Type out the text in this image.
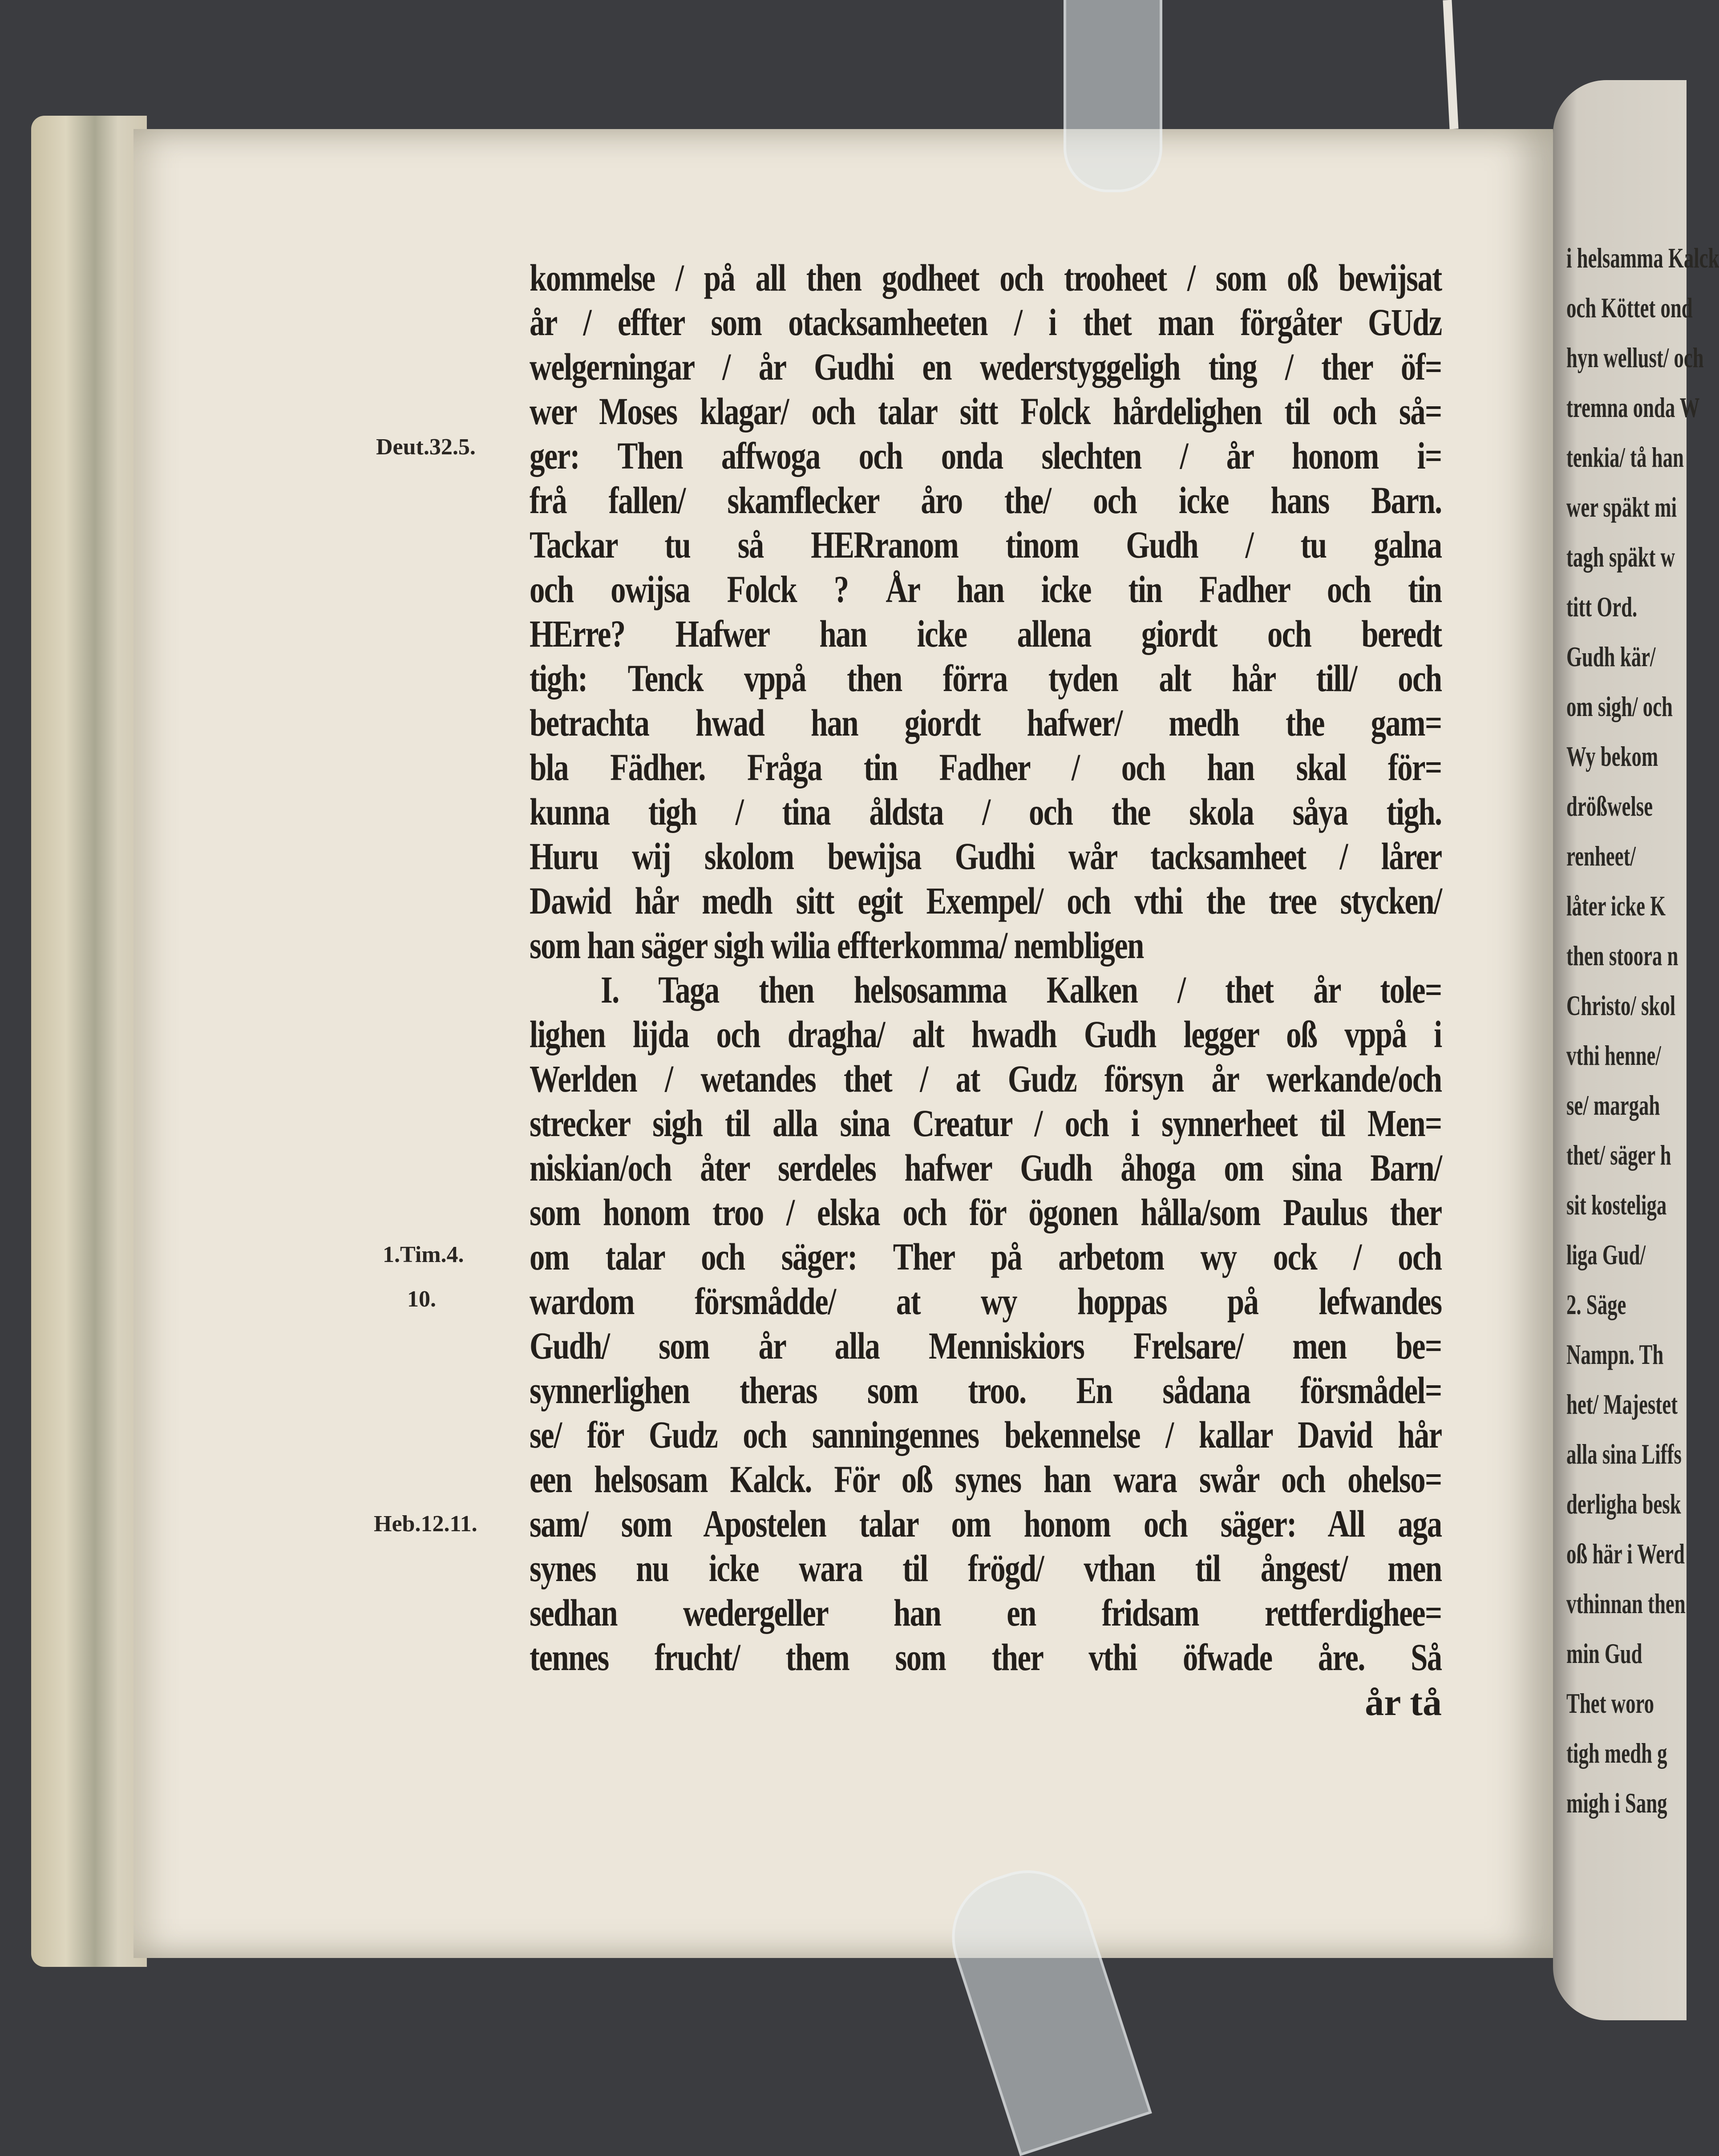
i helsamma Kalck
och Köttet ond
hyn wellust/ och
tremna onda W
tenkia/ tå han
wer späkt mi
tagh späkt w
titt Ord.
Gudh kär/
om sigh/ och
Wy bekom
drößwelse
renheet/
låter icke K
then stoora n
Christo/ skol
vthi henne/
se/ margah
thet/ säger h
sit kosteliga
liga Gud/
2. Säge
Nampn. Th
het/ Majestet
alla sina Liffs
derligha besk
oß här i Werd
vthinnan then
min Gud
Thet woro
tigh medh g
migh i Sang
kommelse / på all then godheet och trooheet / som oß bewijsat
år / effter som otacksamheeten / i thet man förgåter GUdz
welgerningar / år Gudhi en wederstyggeligh ting / ther öf=
wer Moses klagar/ och talar sitt Folck hårdelighen til och så=
ger: Then affwoga och onda slechten / år honom i=
frå fallen/ skamflecker åro the/ och icke hans Barn.
Tackar tu så HERranom tinom Gudh / tu galna
och owijsa Folck ? År han icke tin Fadher och tin
HErre? Hafwer han icke allena giordt och beredt
tigh: Tenck vppå then förra tyden alt hår till/ och
betrachta hwad han giordt hafwer/ medh the gam=
bla Fädher. Fråga tin Fadher / och han skal för=
kunna tigh / tina åldsta / och the skola såya tigh.
Huru wij skolom bewijsa Gudhi wår tacksamheet / lårer
Dawid hår medh sitt egit Exempel/ och vthi the tree stycken/
som han säger sigh wilia effterkomma/ nembligen
I. Taga then helsosamma Kalken / thet år tole=
lighen lijda och dragha/ alt hwadh Gudh legger oß vppå i
Werlden / wetandes thet / at Gudz försyn år werkande/och
strecker sigh til alla sina Creatur / och i synnerheet til Men=
niskian/och åter serdeles hafwer Gudh åhoga om sina Barn/
som honom troo / elska och för ögonen hålla/som Paulus ther
om talar och säger: Ther på arbetom wy ock / och
wardom försmådde/ at wy hoppas på lefwandes
Gudh/ som år alla Menniskiors Frelsare/ men be=
synnerlighen theras som troo. En sådana försmådel=
se/ för Gudz och sanningennes bekennelse / kallar David hår
een helsosam Kalck. För oß synes han wara swår och ohelso=
sam/ som Apostelen talar om honom och säger: All aga
synes nu icke wara til frögd/ vthan til ångest/ men
sedhan wedergeller han en fridsam rettferdighee=
tennes frucht/ them som ther vthi öfwade åre. Så
år tå
Deut.32.5.
1.Tim.4.
10.
Heb.12.11.
